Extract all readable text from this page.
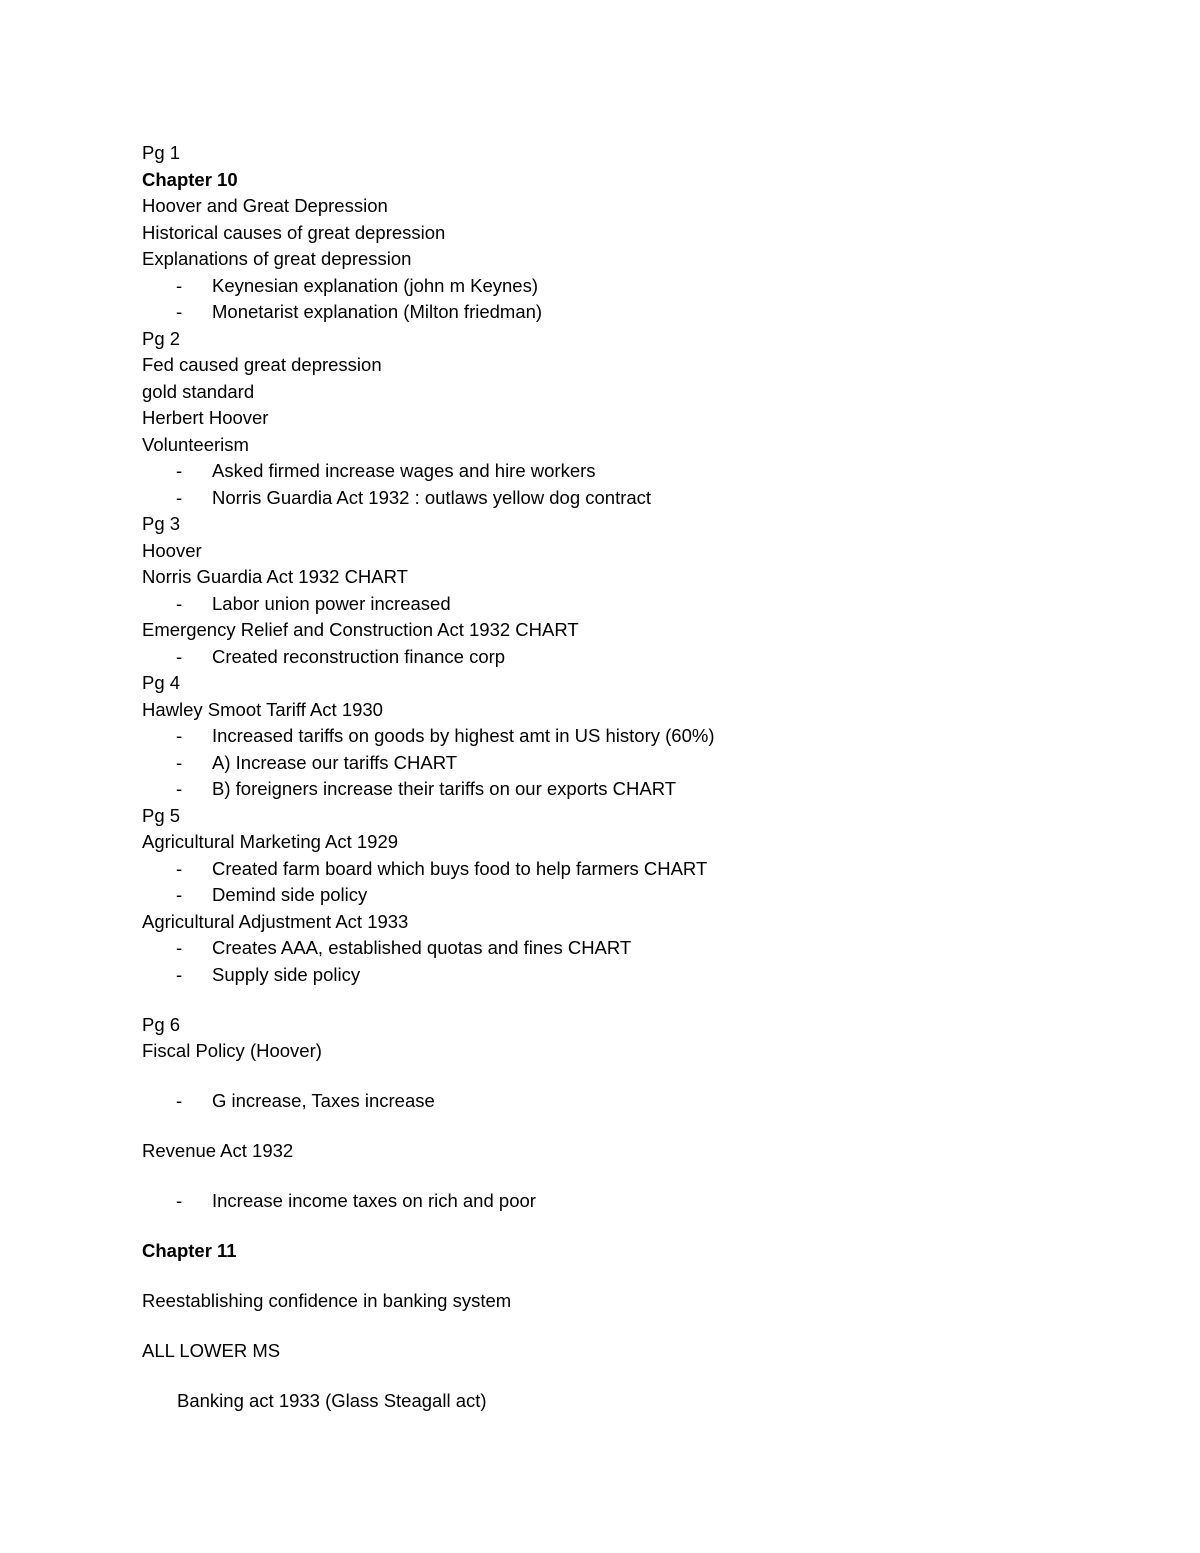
Pg 1
Chapter 10
Hoover and Great Depression
Historical causes of great depression
Explanations of great depression
- Keynesian explanation (john m Keynes)
- Monetarist explanation (Milton friedman)
Pg 2
Fed caused great depression
gold standard
Herbert Hoover
Volunteerism
- Asked firmed increase wages and hire workers
- Norris Guardia Act 1932 : outlaws yellow dog contract
Pg 3
Hoover
Norris Guardia Act 1932 CHART
- Labor union power increased
Emergency Relief and Construction Act 1932 CHART
- Created reconstruction finance corp
Pg 4
Hawley Smoot Tariff Act 1930
- Increased tariffs on goods by highest amt in US history (60%)
- A) Increase our tariffs CHART
- B) foreigners increase their tariffs on our exports CHART
Pg 5
Agricultural Marketing Act 1929
- Created farm board which buys food to help farmers CHART
- Demind side policy
Agricultural Adjustment Act 1933
- Creates AAA, established quotas and fines CHART
- Supply side policy
Pg 6
Fiscal Policy (Hoover)
- G increase, Taxes increase
Revenue Act 1932
- Increase income taxes on rich and poor
Chapter 11
Reestablishing confidence in banking system
ALL LOWER MS
Banking act 1933 (Glass Steagall act)
